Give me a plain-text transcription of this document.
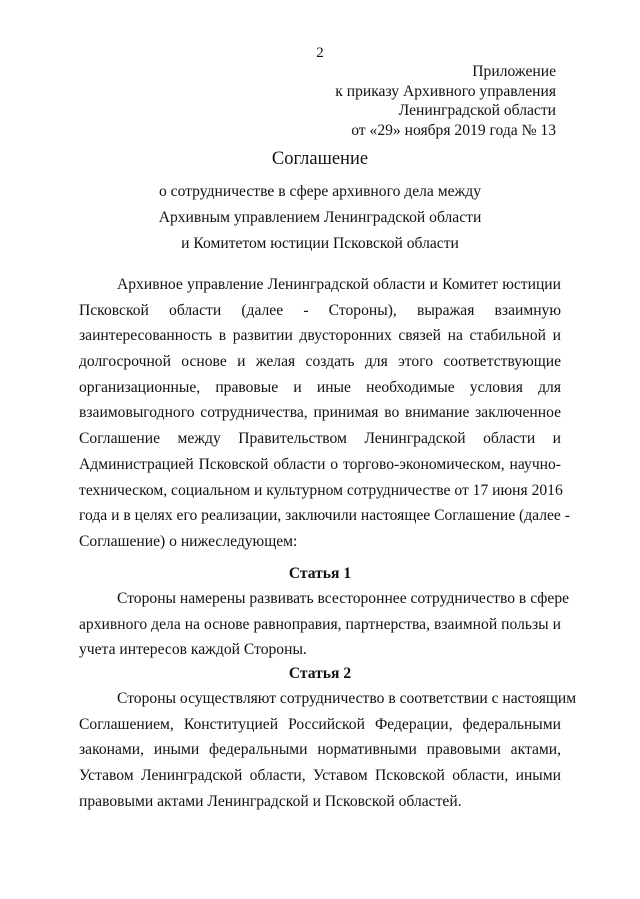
2
Приложение
к приказу Архивного управления
Ленинградской области
от «29» ноября 2019 года № 13
Соглашение
о сотрудничестве в сфере архивного дела между
Архивным управлением Ленинградской области
и Комитетом юстиции Псковской области
Архивное управление Ленинградской области и Комитет юстиции
Псковской области (далее - Стороны), выражая взаимную
заинтересованность в развитии двусторонних связей на стабильной и
долгосрочной основе и желая создать для этого соответствующие
организационные, правовые и иные необходимые условия для
взаимовыгодного сотрудничества, принимая во внимание заключенное
Соглашение между Правительством Ленинградской области и
Администрацией Псковской области о торгово-экономическом, научно-
техническом, социальном и культурном сотрудничестве от 17 июня 2016
года и в целях его реализации, заключили настоящее Соглашение (далее -
Соглашение) о нижеследующем:
Статья 1
Стороны намерены развивать всестороннее сотрудничество в сфере
архивного дела на основе равноправия, партнерства, взаимной пользы и
учета интересов каждой Стороны.
Статья 2
Стороны осуществляют сотрудничество в соответствии с настоящим
Соглашением, Конституцией Российской Федерации, федеральными
законами, иными федеральными нормативными правовыми актами,
Уставом Ленинградской области, Уставом Псковской области, иными
правовыми актами Ленинградской и Псковской областей.
